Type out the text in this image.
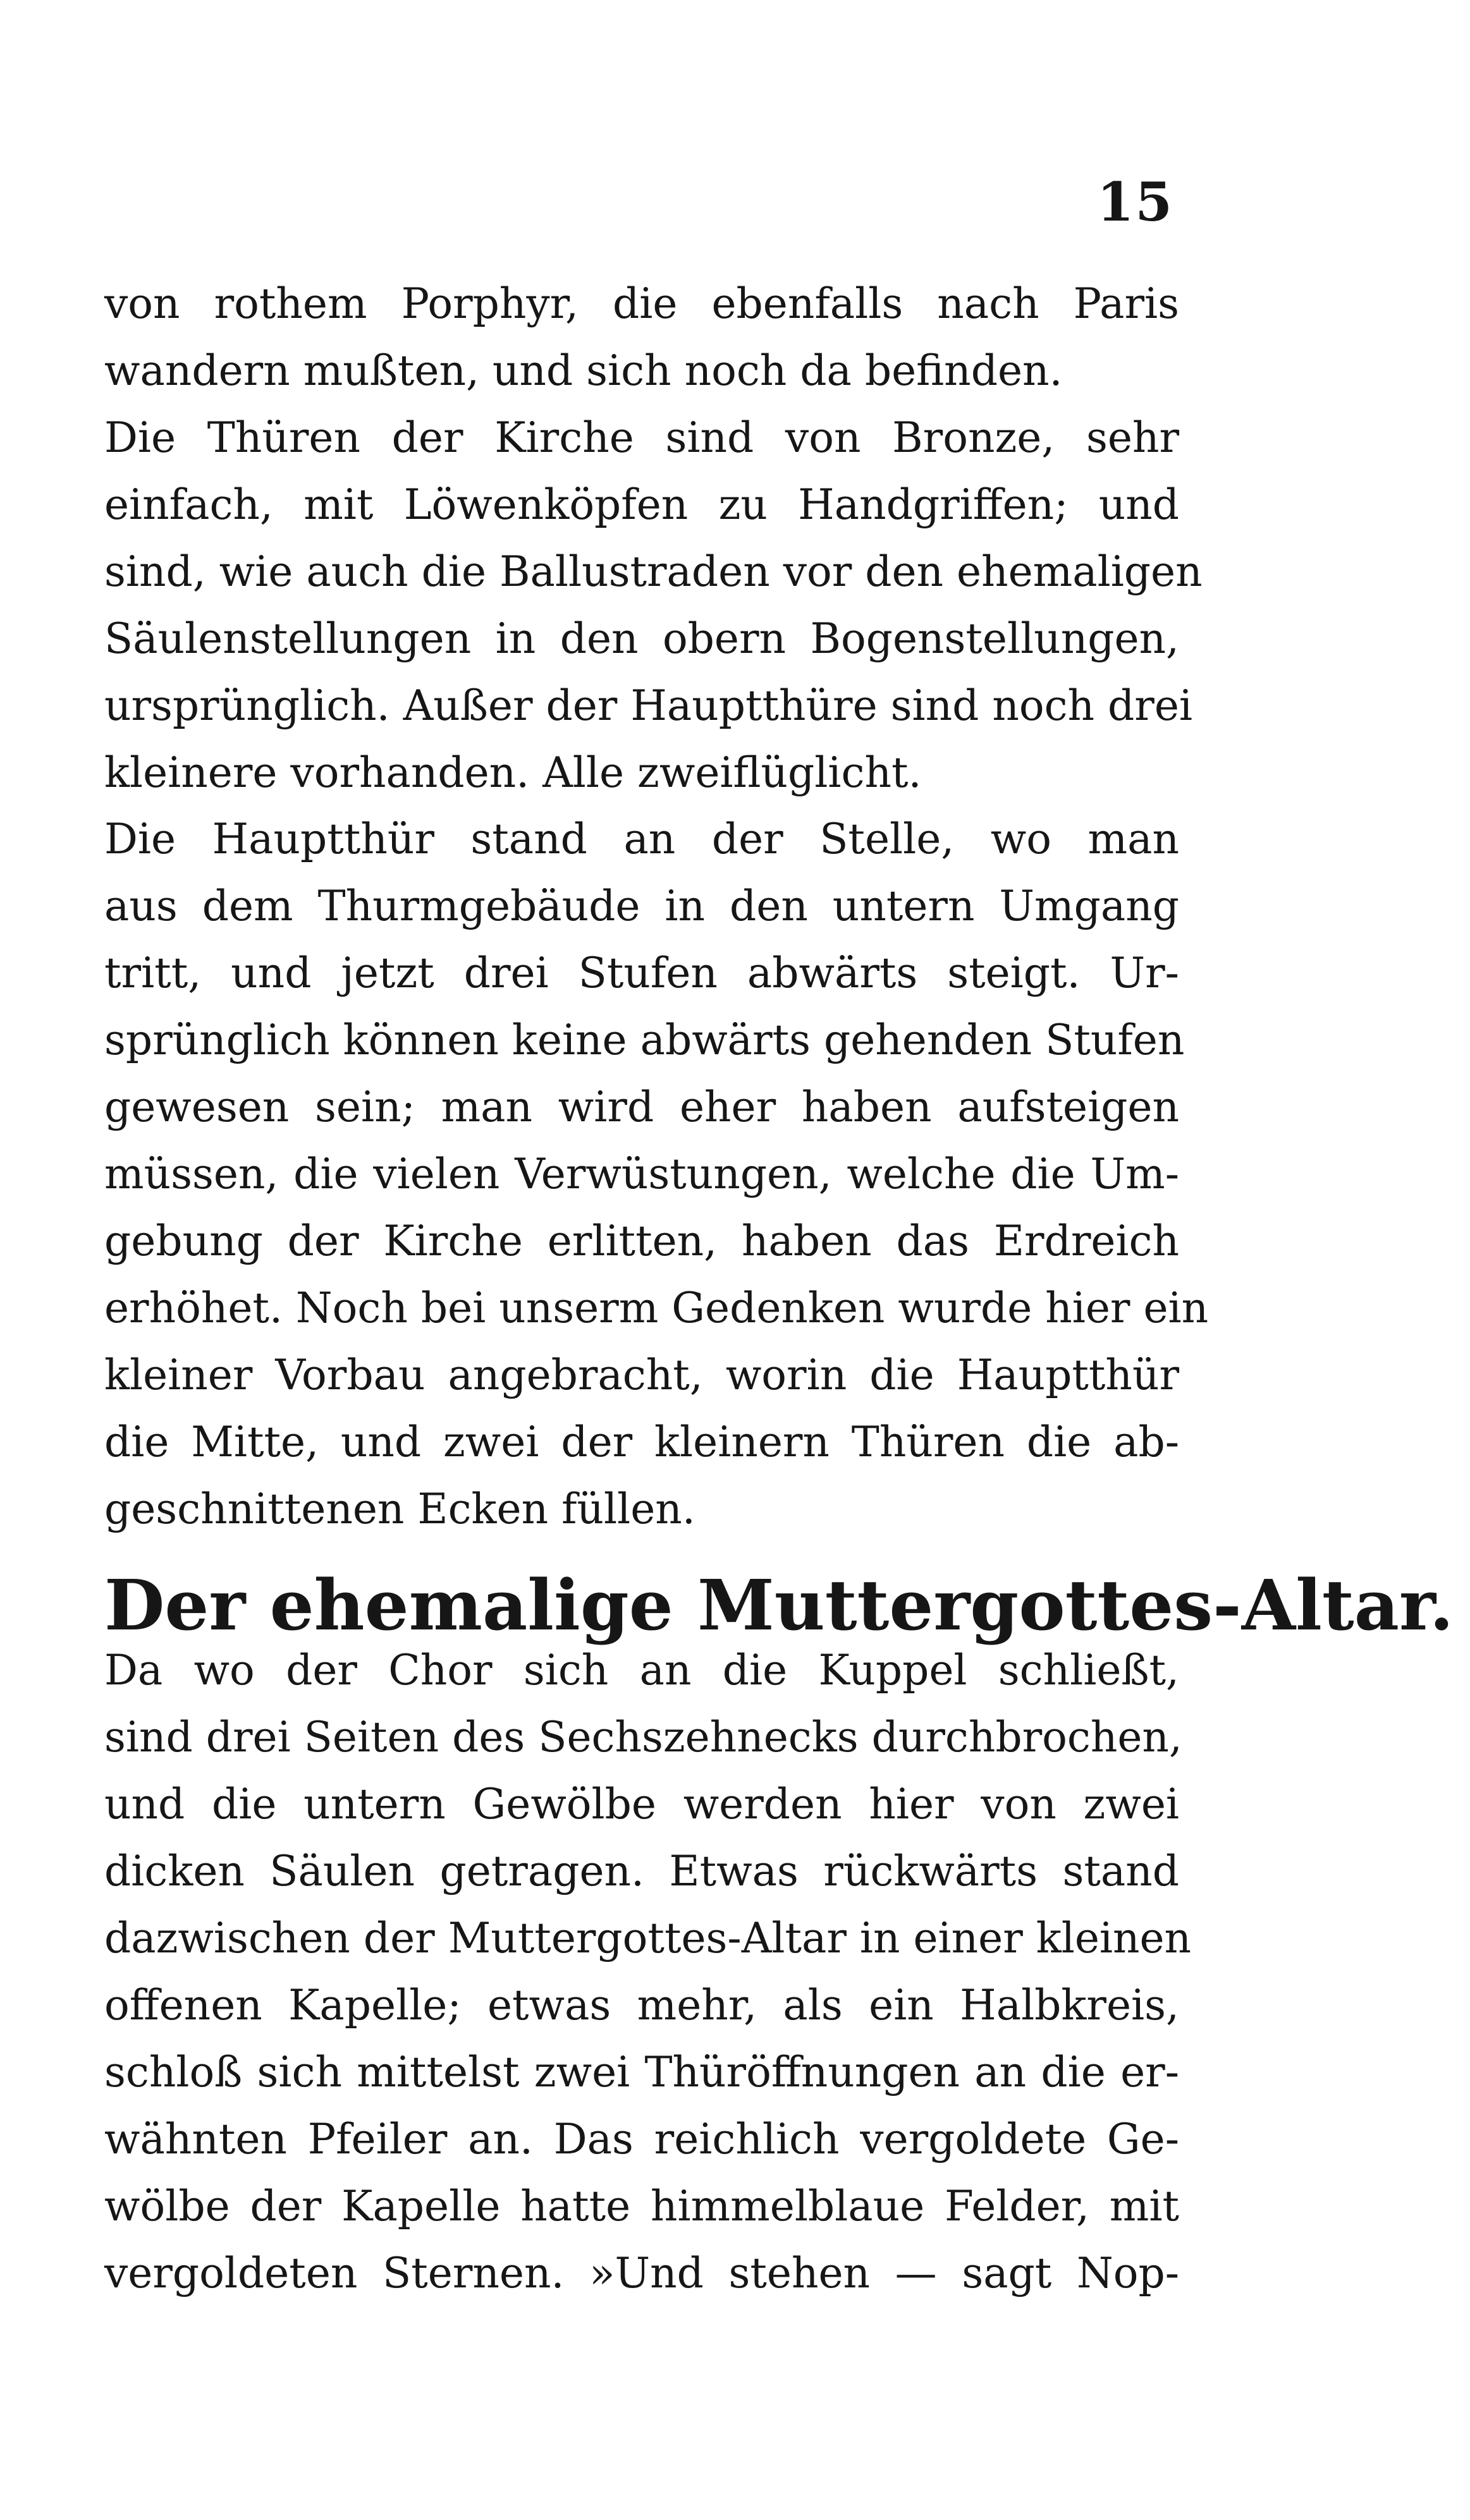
15
von rothem Porphyr, die ebenfalls nach Paris
wandern mußten, und sich noch da befinden.
Die Thüren der Kirche sind von Bronze, sehr
einfach, mit Löwenköpfen zu Handgriffen; und
sind, wie auch die Ballustraden vor den ehemaligen
Säulenstellungen in den obern Bogenstellungen,
ursprünglich. Außer der Hauptthüre sind noch drei
kleinere vorhanden. Alle zweiflüglicht.
Die Hauptthür stand an der Stelle, wo man
aus dem Thurmgebäude in den untern Umgang
tritt, und jetzt drei Stufen abwärts steigt. Ur-
sprünglich können keine abwärts gehenden Stufen
gewesen sein; man wird eher haben aufsteigen
müssen, die vielen Verwüstungen, welche die Um-
gebung der Kirche erlitten, haben das Erdreich
erhöhet. Noch bei unserm Gedenken wurde hier ein
kleiner Vorbau angebracht, worin die Hauptthür
die Mitte, und zwei der kleinern Thüren die ab-
geschnittenen Ecken füllen.
Der ehemalige Muttergottes-Altar.
Da wo der Chor sich an die Kuppel schließt,
sind drei Seiten des Sechszehnecks durchbrochen,
und die untern Gewölbe werden hier von zwei
dicken Säulen getragen. Etwas rückwärts stand
dazwischen der Muttergottes-Altar in einer kleinen
offenen Kapelle; etwas mehr, als ein Halbkreis,
schloß sich mittelst zwei Thüröffnungen an die er-
wähnten Pfeiler an. Das reichlich vergoldete Ge-
wölbe der Kapelle hatte himmelblaue Felder, mit
vergoldeten Sternen. »Und stehen — sagt Nop-
